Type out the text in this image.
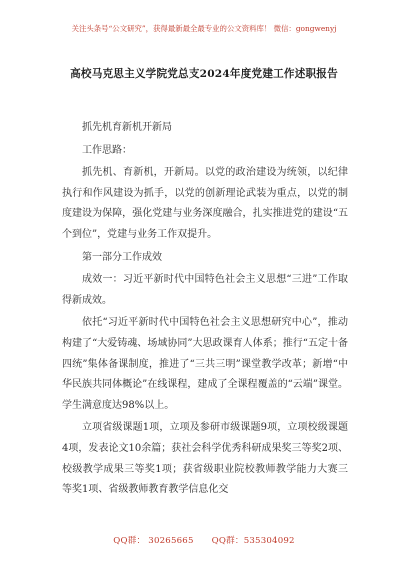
关注头条号“公文研究”，获得最新最全最专业的公文资料库！ 微信：gongwenyj
高校马克思主义学院党总支2024年度党建工作述职报告

抓先机育新机开新局

工作思路：

抓先机、育新机，开新局。以党的政治建设为统领，以纪律执行和作风建设为抓手，以党的创新理论武装为重点，以党的制度建设为保障，强化党建与业务深度融合，扎实推进党的建设“五个到位”，党建与业务工作双提升。

第一部分工作成效

成效一：习近平新时代中国特色社会主义思想“三进”工作取得新成效。

依托“习近平新时代中国特色社会主义思想研究中心”，推动构建了“大爱铸魂、场域协同”大思政课育人体系；推行“五定十备四统”集体备课制度，推进了“三共三明”课堂教学改革；新增“中华民族共同体概论”在线课程，建成了全课程覆盖的“云端”课堂。学生满意度达98%以上。

立项省级课题1项，立项及参研市级课题9项，立项校级课题4项，发表论文10余篇；获社会科学优秀科研成果奖三等奖2项、校级教学成果三等奖1项；获省级职业院校教师教学能力大赛三等奖1项、省级教师教育教学信息化交

QQ群： 30265665 QQ群：535304092
